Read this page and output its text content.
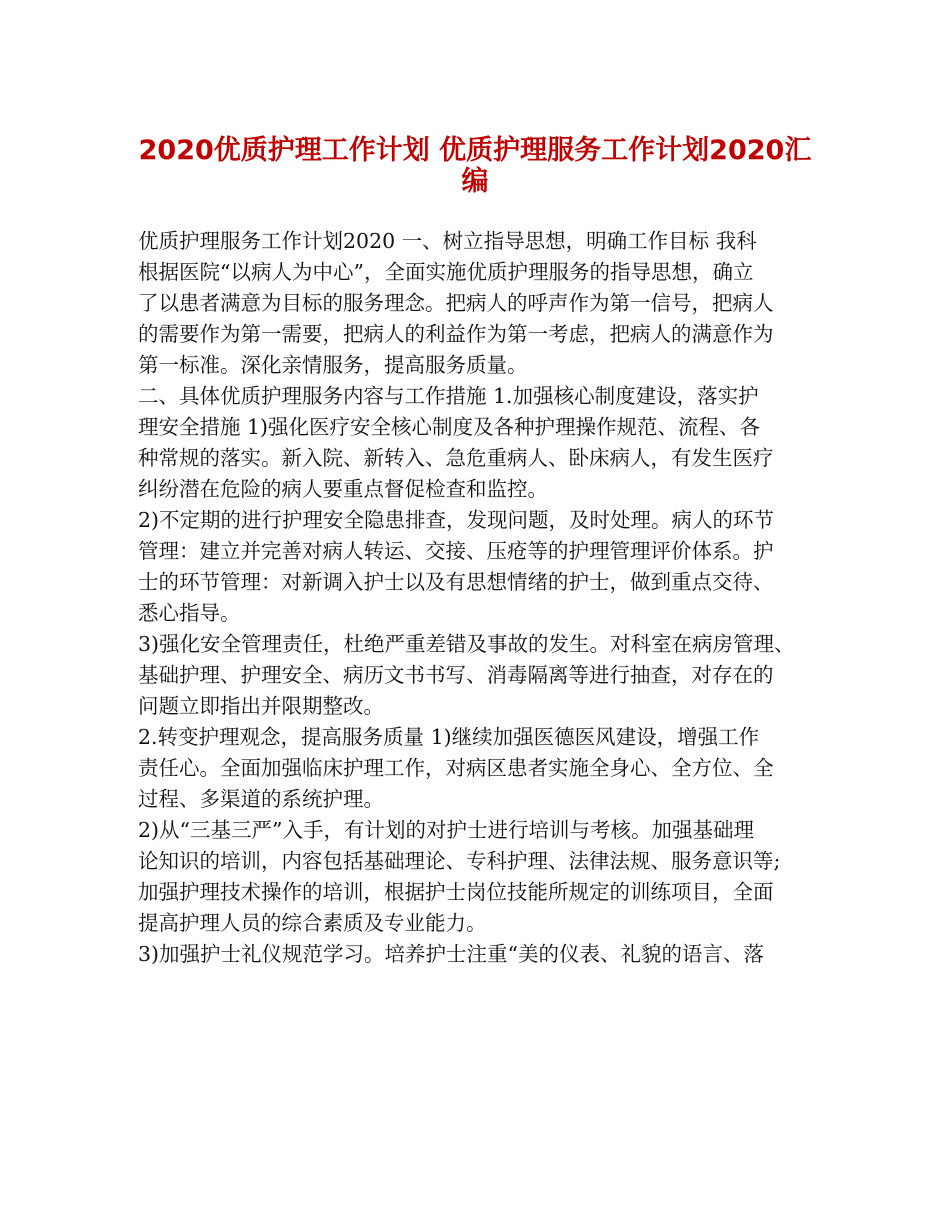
2020优质护理工作计划 优质护理服务工作计划2020汇
编

优质护理服务工作计划2020 一、树立指导思想，明确工作目标 我科
根据医院“以病人为中心”，全面实施优质护理服务的指导思想，确立
了以患者满意为目标的服务理念。把病人的呼声作为第一信号，把病人
的需要作为第一需要，把病人的利益作为第一考虑，把病人的满意作为
第一标准。深化亲情服务，提高服务质量。

二、具体优质护理服务内容与工作措施 1.加强核心制度建设，落实护
理安全措施 1)强化医疗安全核心制度及各种护理操作规范、流程、各
种常规的落实。新入院、新转入、急危重病人、卧床病人，有发生医疗
纠纷潜在危险的病人要重点督促检查和监控。

2)不定期的进行护理安全隐患排查，发现问题，及时处理。病人的环节
管理：建立并完善对病人转运、交接、压疮等的护理管理评价体系。护
士的环节管理：对新调入护士以及有思想情绪的护士，做到重点交待、
悉心指导。

3)强化安全管理责任，杜绝严重差错及事故的发生。对科室在病房管理、
基础护理、护理安全、病历文书书写、消毒隔离等进行抽查，对存在的
问题立即指出并限期整改。

2.转变护理观念，提高服务质量 1)继续加强医德医风建设，增强工作
责任心。全面加强临床护理工作，对病区患者实施全身心、全方位、全
过程、多渠道的系统护理。

2)从“三基三严”入手，有计划的对护士进行培训与考核。加强基础理
论知识的培训，内容包括基础理论、专科护理、法律法规、服务意识等;
加强护理技术操作的培训，根据护士岗位技能所规定的训练项目，全面
提高护理人员的综合素质及专业能力。

3)加强护士礼仪规范学习。培养护士注重“美的仪表、礼貌的语言、落
